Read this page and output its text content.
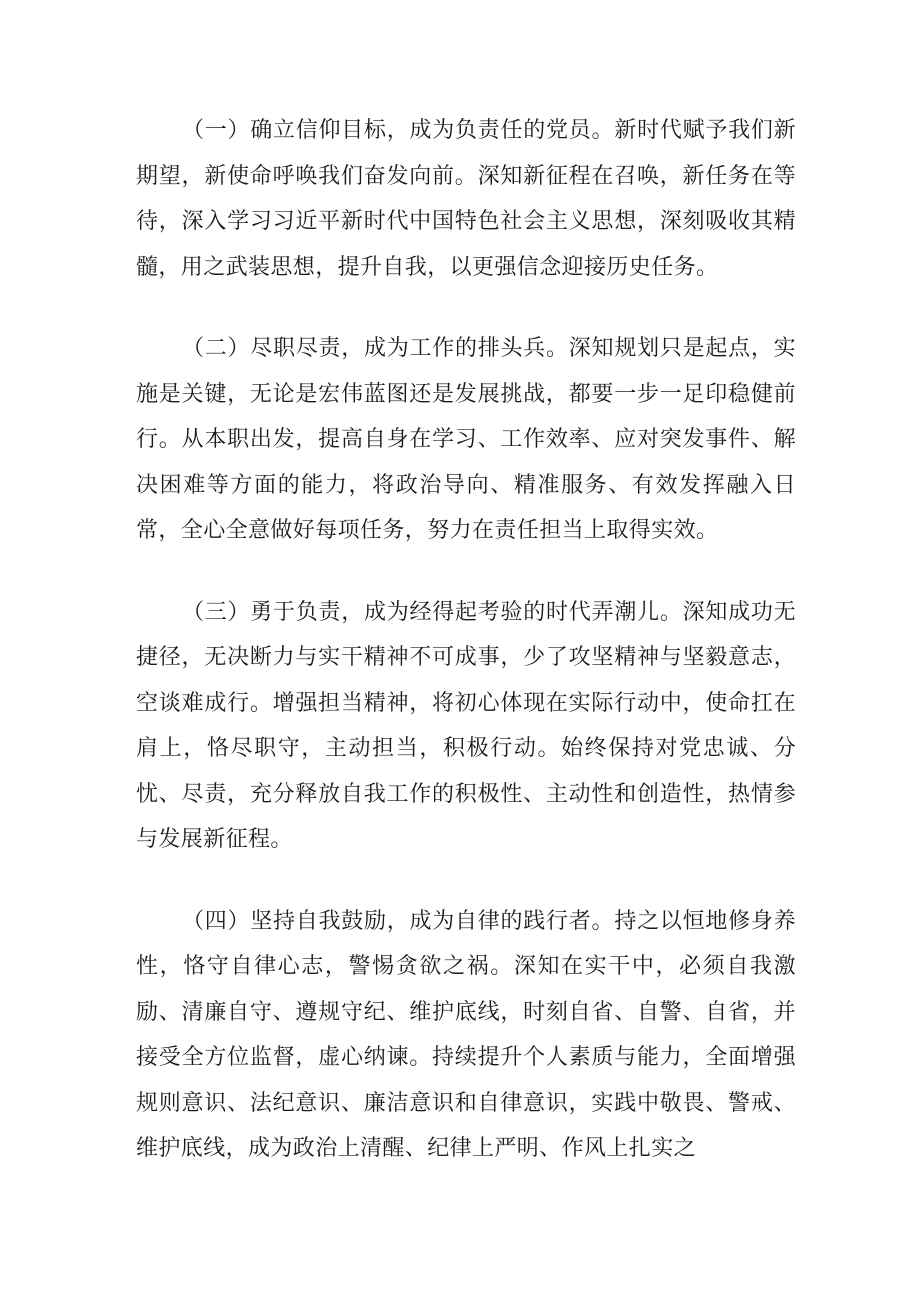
（一）确立信仰目标，成为负责任的党员。新时代赋予我们新期望，新使命呼唤我们奋发向前。深知新征程在召唤，新任务在等待，深入学习习近平新时代中国特色社会主义思想，深刻吸收其精髓，用之武装思想，提升自我，以更强信念迎接历史任务。

（二）尽职尽责，成为工作的排头兵。深知规划只是起点，实施是关键，无论是宏伟蓝图还是发展挑战，都要一步一足印稳健前行。从本职出发，提高自身在学习、工作效率、应对突发事件、解决困难等方面的能力，将政治导向、精准服务、有效发挥融入日常，全心全意做好每项任务，努力在责任担当上取得实效。

（三）勇于负责，成为经得起考验的时代弄潮儿。深知成功无捷径，无决断力与实干精神不可成事，少了攻坚精神与坚毅意志，空谈难成行。增强担当精神，将初心体现在实际行动中，使命扛在肩上，恪尽职守，主动担当，积极行动。始终保持对党忠诚、分忧、尽责，充分释放自我工作的积极性、主动性和创造性，热情参与发展新征程。

（四）坚持自我鼓励，成为自律的践行者。持之以恒地修身养性，恪守自律心志，警惕贪欲之祸。深知在实干中，必须自我激励、清廉自守、遵规守纪、维护底线，时刻自省、自警、自省，并接受全方位监督，虚心纳谏。持续提升个人素质与能力，全面增强规则意识、法纪意识、廉洁意识和自律意识，实践中敬畏、警戒、维护底线，成为政治上清醒、纪律上严明、作风上扎实之
